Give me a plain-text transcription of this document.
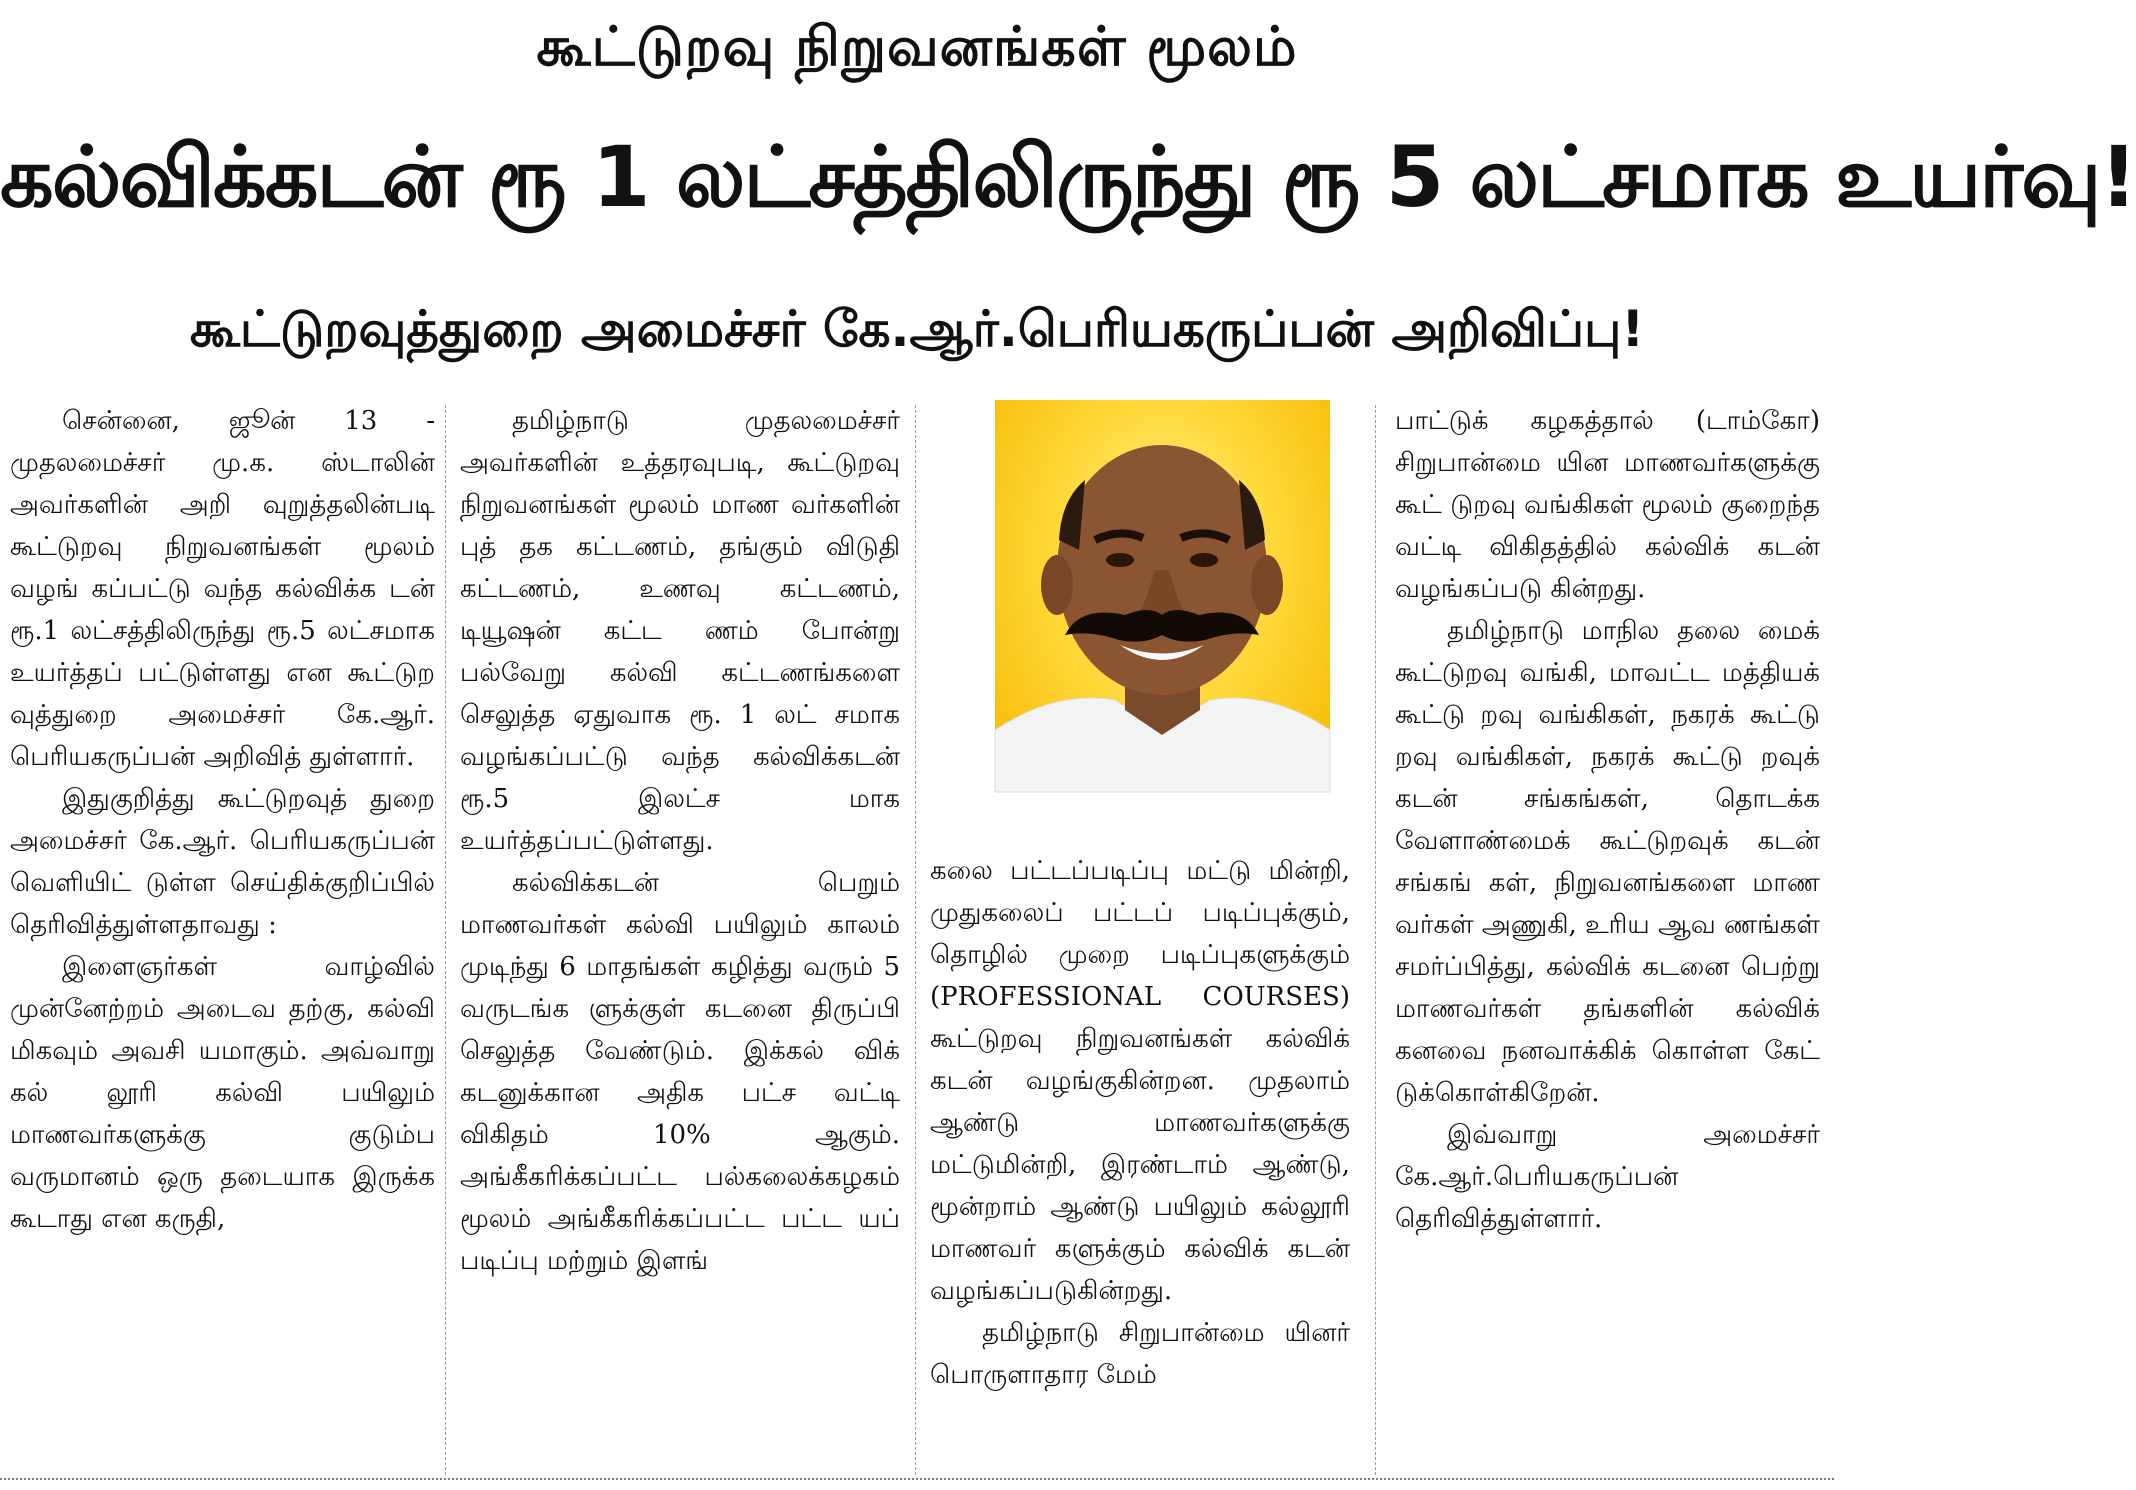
கூட்டுறவு நிறுவனங்கள் மூலம்
கல்விக்கடன் ரூ 1 லட்சத்திலிருந்து ரூ 5 லட்சமாக உயர்வு!
கூட்டுறவுத்துறை அமைச்சர் கே.ஆர்.பெரியகருப்பன் அறிவிப்பு!

சென்னை, ஜூன் 13 - முதலமைச்சர் மு.க. ஸ்டாலின் அவர்களின் அறி வுறுத்தலின்படி கூட்டுறவு நிறுவனங்கள் மூலம் வழங் கப்பட்டு வந்த கல்விக்க டன் ரூ.1 லட்சத்திலிருந்து ரூ.5 லட்சமாக உயர்த்தப் பட்டுள்ளது என கூட்டுற வுத்துறை அமைச்சர் கே.ஆர். பெரியகருப்பன் அறிவித் துள்ளார்.

இதுகுறித்து கூட்டுறவுத் துறை அமைச்சர் கே.ஆர். பெரியகருப்பன் வெளியிட் டுள்ள செய்திக்குறிப்பில் தெரிவித்துள்ளதாவது :

இளைஞர்கள் வாழ்வில் முன்னேற்றம் அடைவ தற்கு, கல்வி மிகவும் அவசி யமாகும். அவ்வாறு கல் லூரி கல்வி பயிலும் மாணவர்களுக்கு குடும்ப வருமானம் ஒரு தடையாக இருக்க கூடாது என கருதி,

தமிழ்நாடு முதலமைச்சர் அவர்களின் உத்தரவுபடி, கூட்டுறவு நிறுவனங்கள் மூலம் மாண வர்களின் புத் தக கட்டணம், தங்கும் விடுதி கட்டணம், உணவு கட்டணம், டியூஷன் கட்ட ணம் போன்று பல்வேறு கல்வி கட்டணங்களை செலுத்த ஏதுவாக ரூ. 1 லட் சமாக வழங்கப்பட்டு வந்த கல்விக்கடன் ரூ.5 இலட்ச மாக உயர்த்தப்பட்டுள்ளது.

கல்விக்கடன் பெறும் மாணவர்கள் கல்வி பயிலும் காலம் முடிந்து 6 மாதங்கள் கழித்து வரும் 5 வருடங்க ளுக்குள் கடனை திருப்பி செலுத்த வேண்டும். இக்கல் விக் கடனுக்கான அதிக பட்ச வட்டி விகிதம் 10% ஆகும். அங்கீகரிக்கப்பட்ட பல்கலைக்கழகம் மூலம் அங்கீகரிக்கப்பட்ட பட்ட யப் படிப்பு மற்றும் இளங்

கலை பட்டப்படிப்பு மட்டு மின்றி, முதுகலைப் பட்டப் படிப்புக்கும், தொழில் முறை படிப்புகளுக்கும் (PROFESSIONAL COURSES) கூட்டுறவு நிறுவனங்கள் கல்விக் கடன் வழங்குகின்றன. முதலாம் ஆண்டு மாணவர்களுக்கு மட்டுமின்றி, இரண்டாம் ஆண்டு, மூன்றாம் ஆண்டு பயிலும் கல்லூரி மாணவர் களுக்கும் கல்விக் கடன் வழங்கப்படுகின்றது.

தமிழ்நாடு சிறுபான்மை யினர் பொருளாதார மேம்

பாட்டுக் கழகத்தால் (டாம்கோ) சிறுபான்மை யின மாணவர்களுக்கு கூட் டுறவு வங்கிகள் மூலம் குறைந்த வட்டி விகிதத்தில் கல்விக் கடன் வழங்கப்படு கின்றது.

தமிழ்நாடு மாநில தலை மைக் கூட்டுறவு வங்கி, மாவட்ட மத்தியக் கூட்டு றவு வங்கிகள், நகரக் கூட்டு றவு வங்கிகள், நகரக் கூட்டு றவுக் கடன் சங்கங்கள், தொடக்க வேளாண்மைக் கூட்டுறவுக் கடன் சங்கங் கள், நிறுவனங்களை மாண வர்கள் அணுகி, உரிய ஆவ ணங்கள் சமர்ப்பித்து, கல்விக் கடனை பெற்று மாணவர்கள் தங்களின் கல்விக் கனவை நனவாக்கிக் கொள்ள கேட் டுக்கொள்கிறேன்.

இவ்வாறு அமைச்சர் கே.ஆர்.பெரியகருப்பன் தெரிவித்துள்ளார்.
